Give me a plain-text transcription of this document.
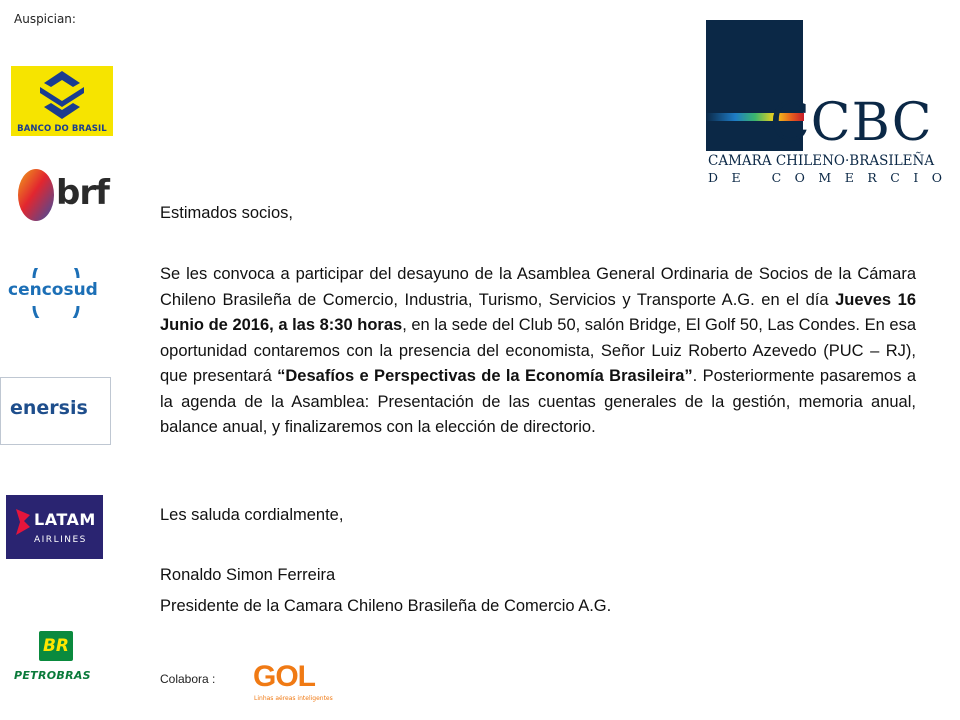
Auspician:
BANCO DO BRASIL
brf
cencosud
enersis
LATAM
AIRLINES
BR
PETROBRAS
CCBC
CAMARA CHILENO·BRASILEÑA
DE COMERCIO
Estimados socios,
Se les convoca a participar del desayuno de la Asamblea General Ordinaria de Socios de la Cámara Chileno Brasileña de Comercio, Industria, Turismo, Servicios y Transporte A.G. en el día Jueves 16 Junio de 2016, a las 8:30 horas, en la sede del Club 50, salón Bridge, El Golf 50, Las Condes. En esa oportunidad contaremos con la presencia del economista, Señor Luiz Roberto Azevedo (PUC – RJ), que presentará “Desafíos e Perspectivas de la Economía Brasileira”. Posteriormente pasaremos a la agenda de la Asamblea: Presentación de las cuentas generales de la gestión, memoria anual, balance anual, y finalizaremos con la elección de directorio.
Les saluda cordialmente,
Ronaldo Simon Ferreira
Presidente de la Camara Chileno Brasileña de Comercio A.G.
Colabora : GOL
Linhas aéreas inteligentes
